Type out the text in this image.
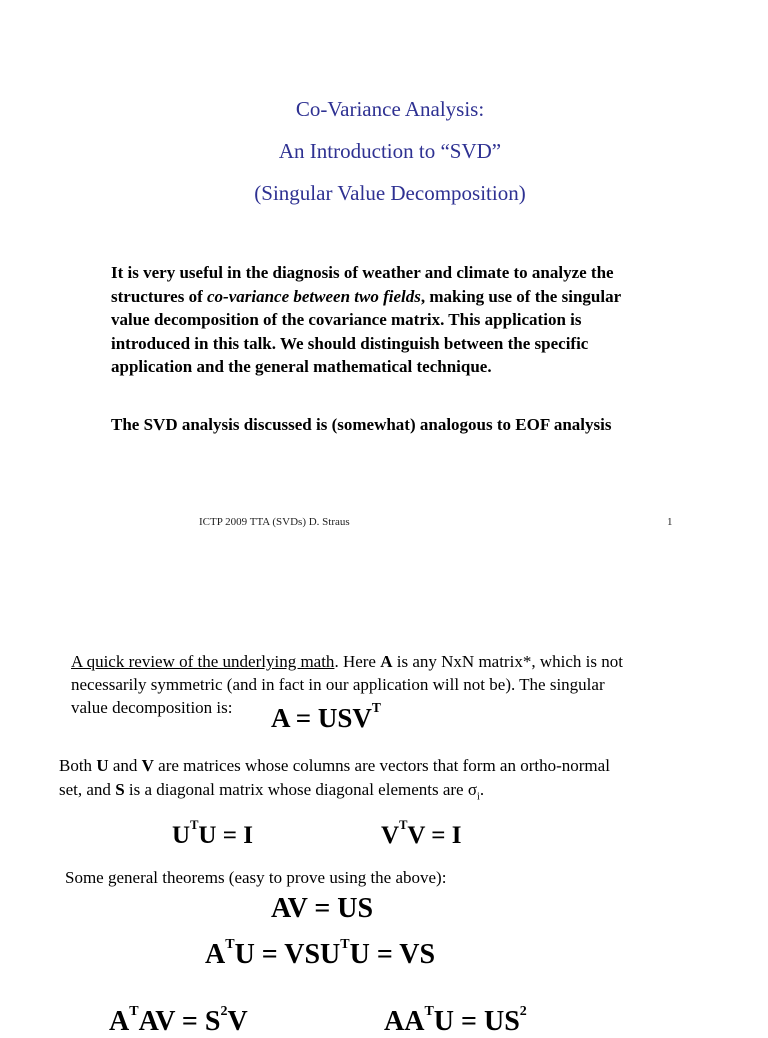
Co-Variance Analysis:
An Introduction to “SVD”
(Singular Value Decomposition)
It is very useful in the diagnosis of weather and climate to analyze the structures of co-variance between two fields, making use of the singular value decomposition of the covariance matrix. This application is introduced in this talk. We should distinguish between the specific application and the general mathematical technique.
The SVD analysis discussed is (somewhat) analogous to EOF analysis
ICTP 2009 TTA (SVDs) D. Straus	1
A quick review of the underlying math. Here A is any NxN matrix*, which is not
necessarily symmetric (and in fact in our application will not be). The singular
value decomposition is: $A = USV^T$
Both U and V are matrices whose columns are vectors that form an ortho-normal
set, and S is a diagonal matrix whose diagonal elements are $\sigma_i$.
$U^TU = I$	$V^TV = I$
Some general theorems (easy to prove using the above):
AV = US
$A^TU = VSU^TU$ = VS
$A^TAV = S^2V$	$AA^TU = US^2$
